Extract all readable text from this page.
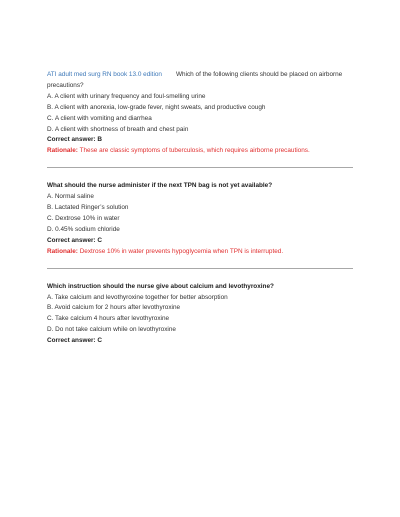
ATI adult med surg RN book 13.0 edition Which of the following clients should be placed on airborne
precautions?
A. A client with urinary frequency and foul-smelling urine
B. A client with anorexia, low-grade fever, night sweats, and productive cough
C. A client with vomiting and diarrhea
D. A client with shortness of breath and chest pain
Correct answer: B
Rationale: These are classic symptoms of tuberculosis, which requires airborne precautions.
What should the nurse administer if the next TPN bag is not yet available?
A. Normal saline
B. Lactated Ringer’s solution
C. Dextrose 10% in water
D. 0.45% sodium chloride
Correct answer: C
Rationale: Dextrose 10% in water prevents hypoglycemia when TPN is interrupted.
Which instruction should the nurse give about calcium and levothyroxine?
A. Take calcium and levothyroxine together for better absorption
B. Avoid calcium for 2 hours after levothyroxine
C. Take calcium 4 hours after levothyroxine
D. Do not take calcium while on levothyroxine
Correct answer: C
